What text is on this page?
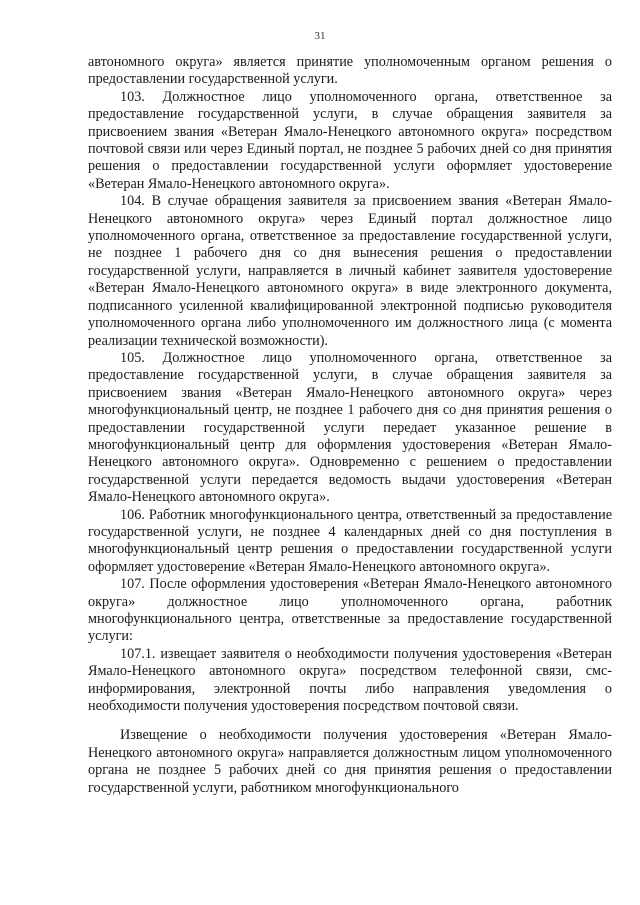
31

автономного округа» является принятие уполномоченным органом решения о предоставлении государственной услуги.

103. Должностное лицо уполномоченного органа, ответственное за предоставление государственной услуги, в случае обращения заявителя за присвоением звания «Ветеран Ямало-Ненецкого автономного округа» посредством почтовой связи или через Единый портал, не позднее 5 рабочих дней со дня принятия решения о предоставлении государственной услуги оформляет удостоверение «Ветеран Ямало-Ненецкого автономного округа».

104. В случае обращения заявителя за присвоением звания «Ветеран Ямало-Ненецкого автономного округа» через Единый портал должностное лицо уполномоченного органа, ответственное за предоставление государственной услуги, не позднее 1 рабочего дня со дня вынесения решения о предоставлении государственной услуги, направляется в личный кабинет заявителя удостоверение «Ветеран Ямало-Ненецкого автономного округа» в виде электронного документа, подписанного усиленной квалифицированной электронной подписью руководителя уполномоченного органа либо уполномоченного им должностного лица (с момента реализации технической возможности).

105. Должностное лицо уполномоченного органа, ответственное за предоставление государственной услуги, в случае обращения заявителя за присвоением звания «Ветеран Ямало-Ненецкого автономного округа» через многофункциональный центр, не позднее 1 рабочего дня со дня принятия решения о предоставлении государственной услуги передает указанное решение в многофункциональный центр для оформления удостоверения «Ветеран Ямало-Ненецкого автономного округа». Одновременно с решением о предоставлении государственной услуги передается ведомость выдачи удостоверения «Ветеран Ямало-Ненецкого автономного округа».

106. Работник многофункционального центра, ответственный за предоставление государственной услуги, не позднее 4 календарных дней со дня поступления в многофункциональный центр решения о предоставлении государственной услуги оформляет удостоверение «Ветеран Ямало-Ненецкого автономного округа».

107. После оформления удостоверения «Ветеран Ямало-Ненецкого автономного округа» должностное лицо уполномоченного органа, работник многофункционального центра, ответственные за предоставление государственной услуги:

107.1. извещает заявителя о необходимости получения удостоверения «Ветеран Ямало-Ненецкого автономного округа» посредством телефонной связи, смс-информирования, электронной почты либо направления уведомления о необходимости получения удостоверения посредством почтовой связи.

Извещение о необходимости получения удостоверения «Ветеран Ямало-Ненецкого автономного округа» направляется должностным лицом уполномоченного органа не позднее 5 рабочих дней со дня принятия решения о предоставлении государственной услуги, работником многофункционального
